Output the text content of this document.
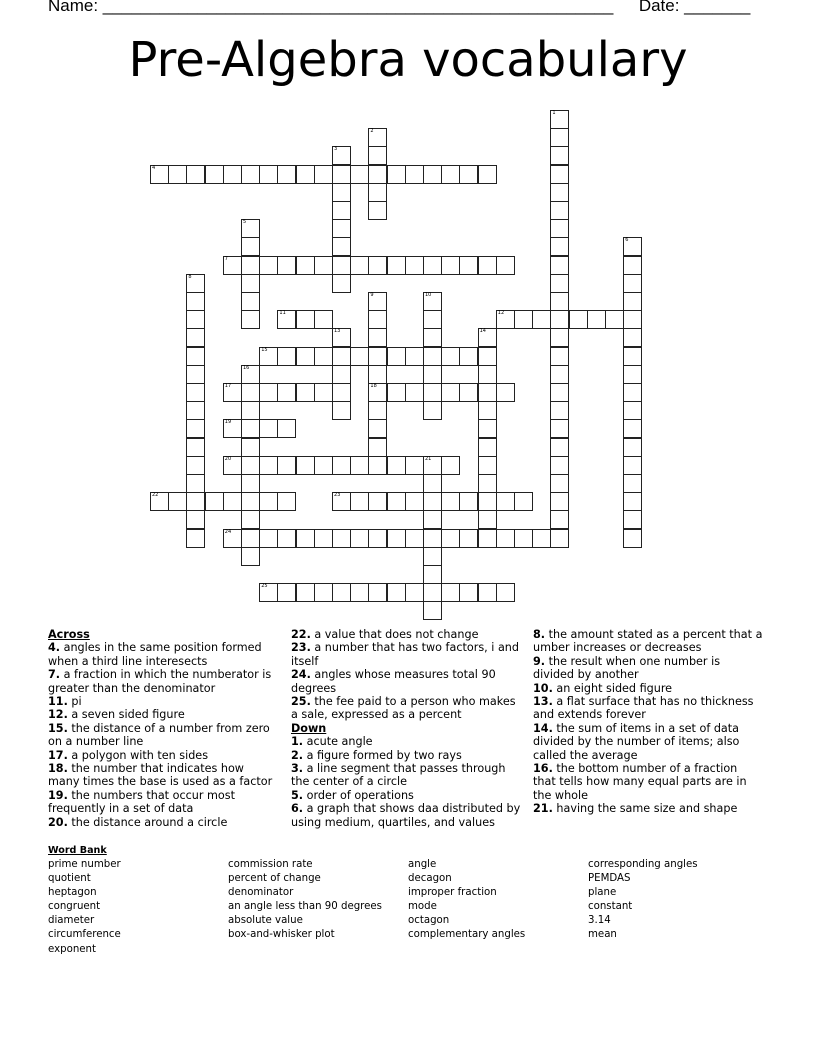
Name: ______________________________________________________ Date: _______
Pre-Algebra vocabulary
1
2
3
4
5
6
7
8
9
18
10
11	12
13	14
15
16
17
19
20	21
22	23
24
25
Across
4. angles in the same position formed when a third line interesects
7. a fraction in which the numberator is greater than the denominator
11. pi
12. a seven sided figure
15. the distance of a number from zero on a number line
17. a polygon with ten sides
18. the number that indicates how many times the base is used as a factor
19. the numbers that occur most frequently in a set of data
20. the distance around a circle
22. a value that does not change
23. a number that has two factors, i and itself
24. angles whose measures total 90 degrees
25. the fee paid to a person who makes a sale, expressed as a percent
Down
1. acute angle
2. a figure formed by two rays
3. a line segment that passes through the center of a circle
5. order of operations
6. a graph that shows daa distributed by using medium, quartiles, and values
8. the amount stated as a percent that a umber increases or decreases
9. the result when one number is divided by another
10. an eight sided figure
13. a flat surface that has no thickness and extends forever
14. the sum of items in a set of data divided by the number of items; also called the average
16. the bottom number of a fraction that tells how many equal parts are in the whole
21. having the same size and shape
Word Bank
prime number
quotient
heptagon
congruent
diameter
circumference
exponent
commission rate
percent of change
denominator
an angle less than 90 degrees
absolute value
box-and-whisker plot
angle
decagon
improper fraction
mode
octagon
complementary angles
corresponding angles
PEMDAS
plane
constant
3.14
mean
